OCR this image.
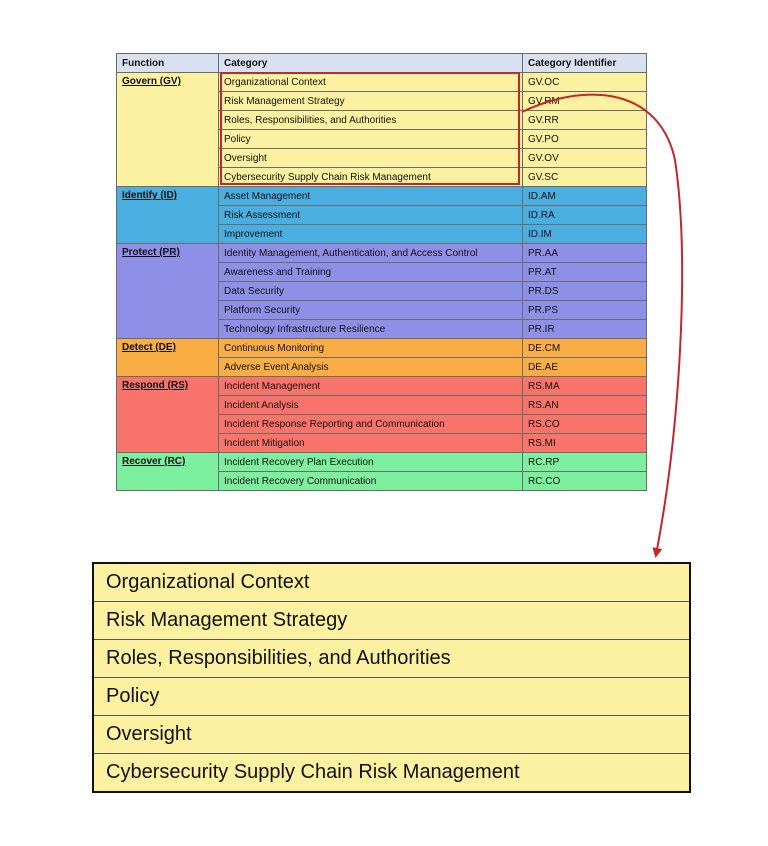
Function	Category	Category Identifier
Govern (GV)	Organizational Context	GV.OC
	Risk Management Strategy	GV.RM
	Roles, Responsibilities, and Authorities	GV.RR
	Policy	GV.PO
	Oversight	GV.OV
	Cybersecurity Supply Chain Risk Management	GV.SC
Identify (ID)	Asset Management	ID.AM
	Risk Assessment	ID.RA
	Improvement	ID.IM
Protect (PR)	Identity Management, Authentication, and Access Control	PR.AA
	Awareness and Training	PR.AT
	Data Security	PR.DS
	Platform Security	PR.PS
	Technology Infrastructure Resilience	PR.IR
Detect (DE)	Continuous Monitoring	DE.CM
	Adverse Event Analysis	DE.AE
Respond (RS)	Incident Management	RS.MA
	Incident Analysis	RS.AN
	Incident Response Reporting and Communication	RS.CO
	Incident Mitigation	RS.MI
Recover (RC)	Incident Recovery Plan Execution	RC.RP
	Incident Recovery Communication	RC.CO
Organizational Context
Risk Management Strategy
Roles, Responsibilities, and Authorities
Policy
Oversight
Cybersecurity Supply Chain Risk Management
